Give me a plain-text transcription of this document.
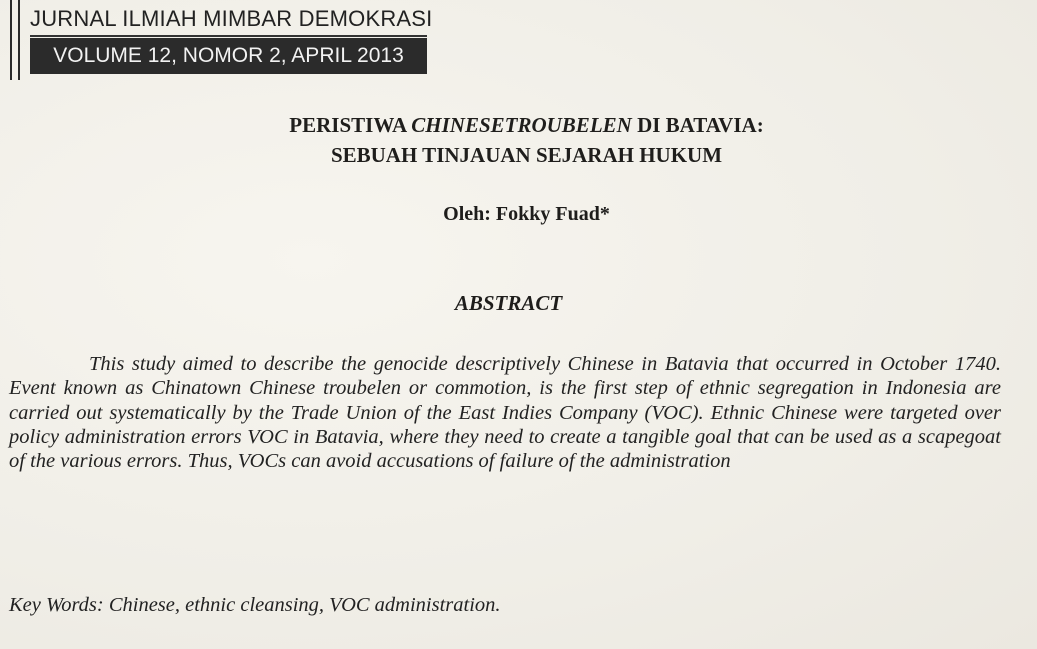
JURNAL ILMIAH MIMBAR DEMOKRASI
VOLUME 12, NOMOR 2, APRIL 2013
PERISTIWA CHINESETROUBELEN DI BATAVIA:
SEBUAH TINJAUAN SEJARAH HUKUM
Oleh: Fokky Fuad*
ABSTRACT
This study aimed to describe the genocide descriptively Chinese in Batavia that occurred in October 1740. Event known as Chinatown Chinese troubelen or commotion, is the first step of ethnic segregation in Indonesia are carried out systematically by the Trade Union of the East Indies Company (VOC). Ethnic Chinese were targeted over policy administration errors VOC in Batavia, where they need to create a tangible goal that can be used as a scapegoat of the various errors. Thus, VOCs can avoid accusations of failure of the administration
Key Words: Chinese, ethnic cleansing, VOC administration.
